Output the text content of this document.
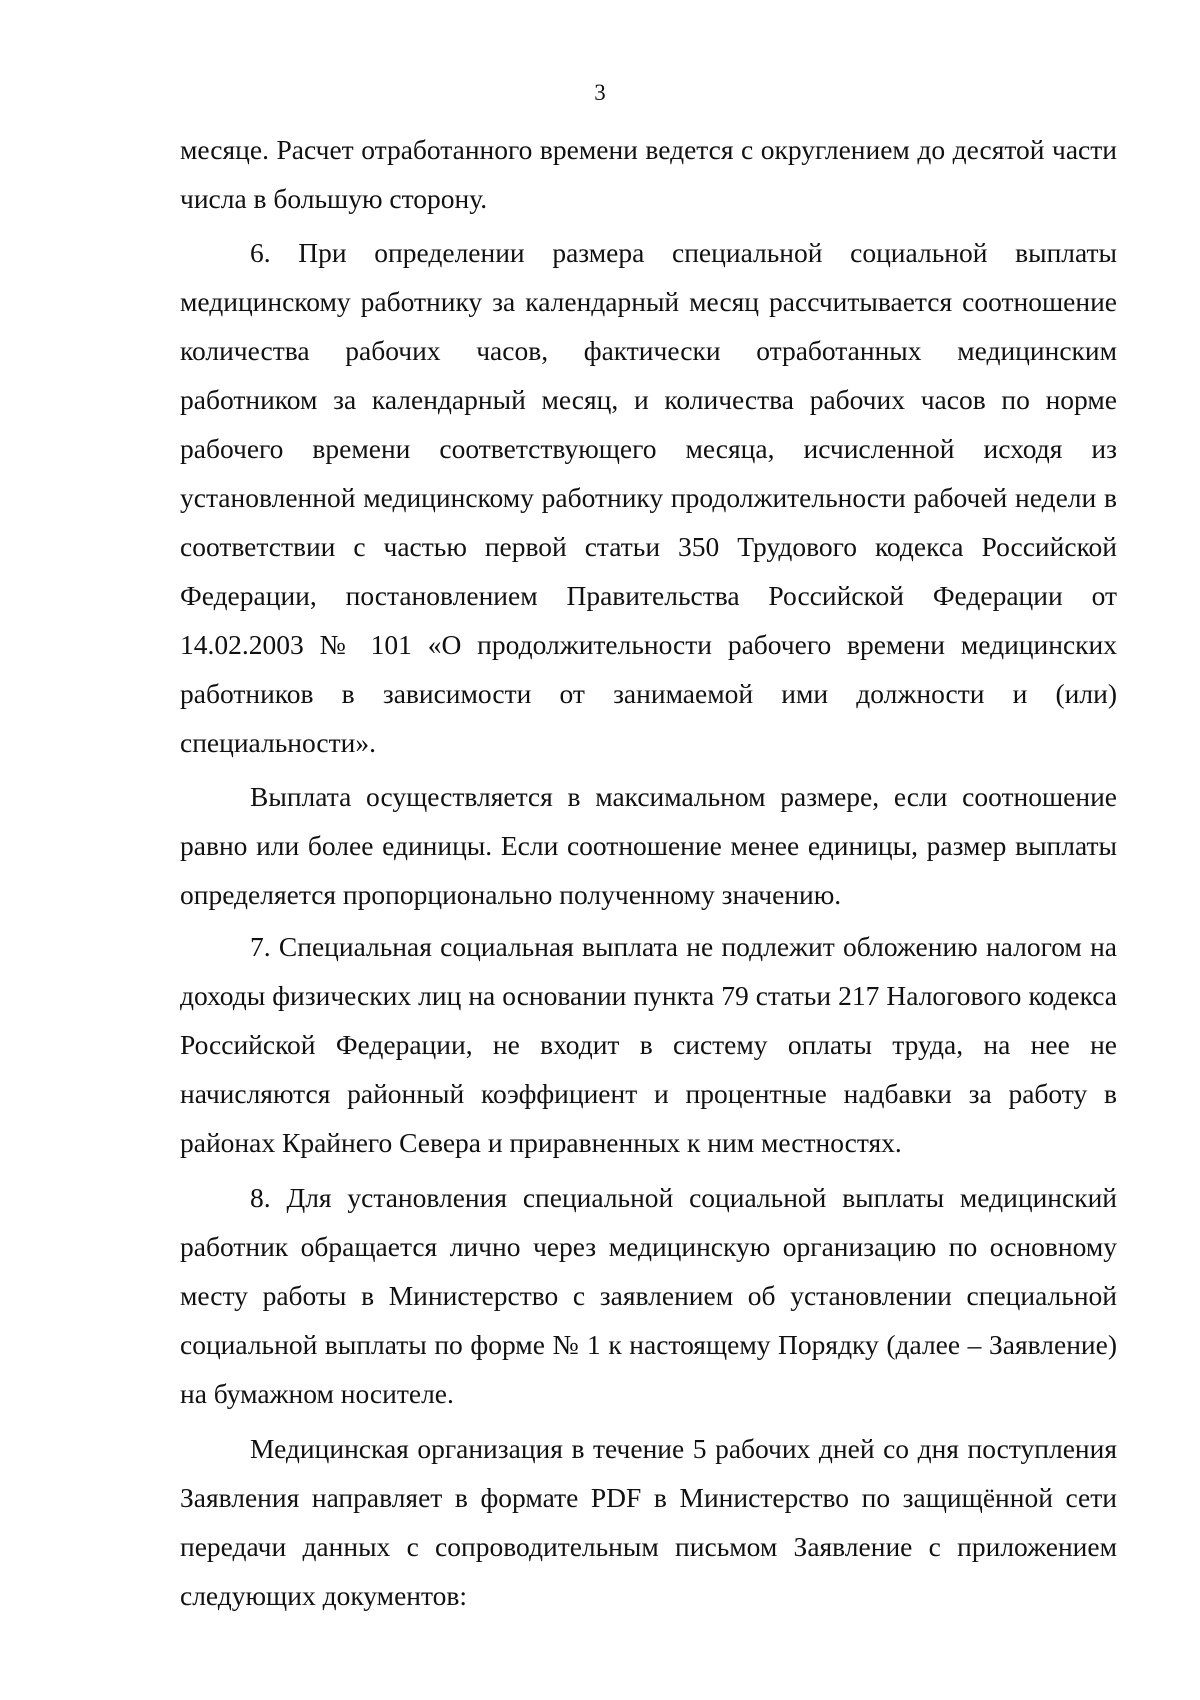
3

месяце. Расчет отработанного времени ведется с округлением до десятой части числа в большую сторону.

6. При определении размера специальной социальной выплаты медицинскому работнику за календарный месяц рассчитывается соотношение количества рабочих часов, фактически отработанных медицинским работником за календарный месяц, и количества рабочих часов по норме рабочего времени соответствующего месяца, исчисленной исходя из установленной медицинскому работнику продолжительности рабочей недели в соответствии с частью первой статьи 350 Трудового кодекса Российской Федерации, постановлением Правительства Российской Федерации от 14.02.2003 № 101 «О продолжительности рабочего времени медицинских работников в зависимости от занимаемой ими должности и (или) специальности».

Выплата осуществляется в максимальном размере, если соотношение равно или более единицы. Если соотношение менее единицы, размер выплаты определяется пропорционально полученному значению.

7. Специальная социальная выплата не подлежит обложению налогом на доходы физических лиц на основании пункта 79 статьи 217 Налогового кодекса Российской Федерации, не входит в систему оплаты труда, на нее не начисляются районный коэффициент и процентные надбавки за работу в районах Крайнего Севера и приравненных к ним местностях.

8. Для установления специальной социальной выплаты медицинский работник обращается лично через медицинскую организацию по основному месту работы в Министерство с заявлением об установлении специальной социальной выплаты по форме № 1 к настоящему Порядку (далее – Заявление) на бумажном носителе.

Медицинская организация в течение 5 рабочих дней со дня поступления Заявления направляет в формате PDF в Министерство по защищённой сети передачи данных с сопроводительным письмом Заявление с приложением следующих документов:
